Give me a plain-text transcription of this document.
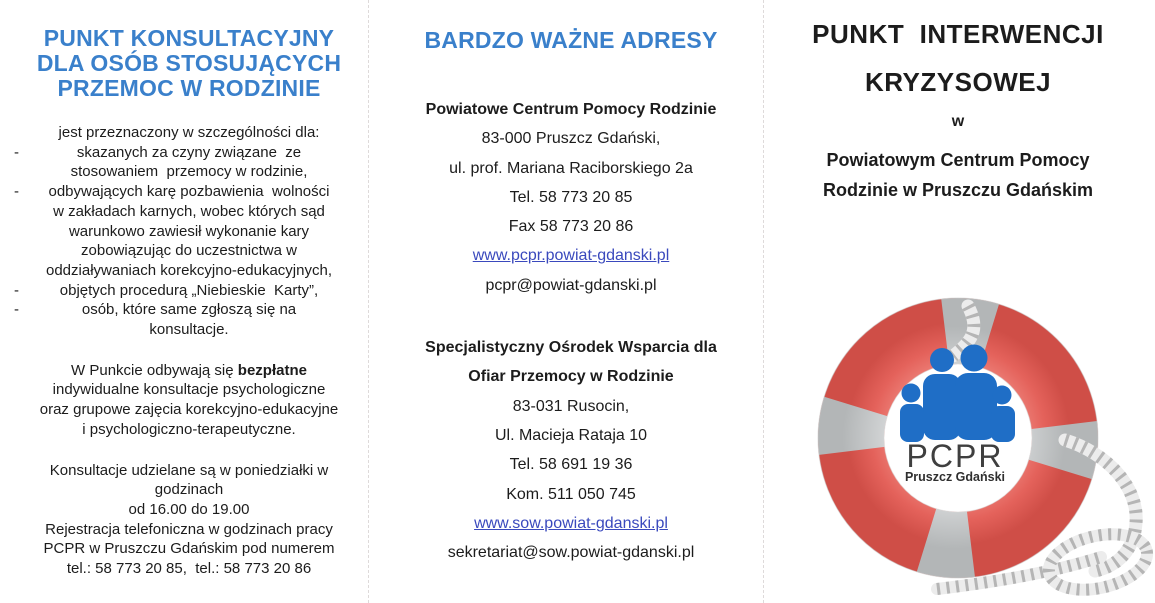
PUNKT KONSULTACYJNY
DLA OSÓB STOSUJĄCYCH
PRZEMOC W RODZINIE
jest przeznaczony w szczególności dla:
- skazanych za czyny związane  ze
stosowaniem  przemocy w rodzinie,
- odbywających karę pozbawienia  wolności
w zakładach karnych, wobec których sąd
warunkowo zawiesił wykonanie kary
zobowiązując do uczestnictwa w
oddziaływaniach korekcyjno-edukacyjnych,
- objętych procedurą „Niebieskie  Karty”,
- osób, które same zgłoszą się na
konsultacje.
W Punkcie odbywają się bezpłatne
indywidualne konsultacje psychologiczne
oraz grupowe zajęcia korekcyjno-edukacyjne
i psychologiczno-terapeutyczne.
Konsultacje udzielane są w poniedziałki w
godzinach
od 16.00 do 19.00
Rejestracja telefoniczna w godzinach pracy
PCPR w Pruszczu Gdańskim pod numerem
tel.: 58 773 20 85,  tel.: 58 773 20 86
BARDZO WAŻNE ADRESY
Powiatowe Centrum Pomocy Rodzinie
83-000 Pruszcz Gdański,
ul. prof. Mariana Raciborskiego 2a
Tel. 58 773 20 85
Fax 58 773 20 86
www.pcpr.powiat-gdanski.pl
pcpr@powiat-gdanski.pl
Specjalistyczny Ośrodek Wsparcia dla
Ofiar Przemocy w Rodzinie
83-031 Rusocin,
Ul. Macieja Rataja 10
Tel. 58 691 19 36
Kom. 511 050 745
www.sow.powiat-gdanski.pl
sekretariat@sow.powiat-gdanski.pl
PUNKT  INTERWENCJI
KRYZYSOWEJ
w
Powiatowym Centrum Pomocy
Rodzinie w Pruszczu Gdańskim
PCPR
Pruszcz Gdański
